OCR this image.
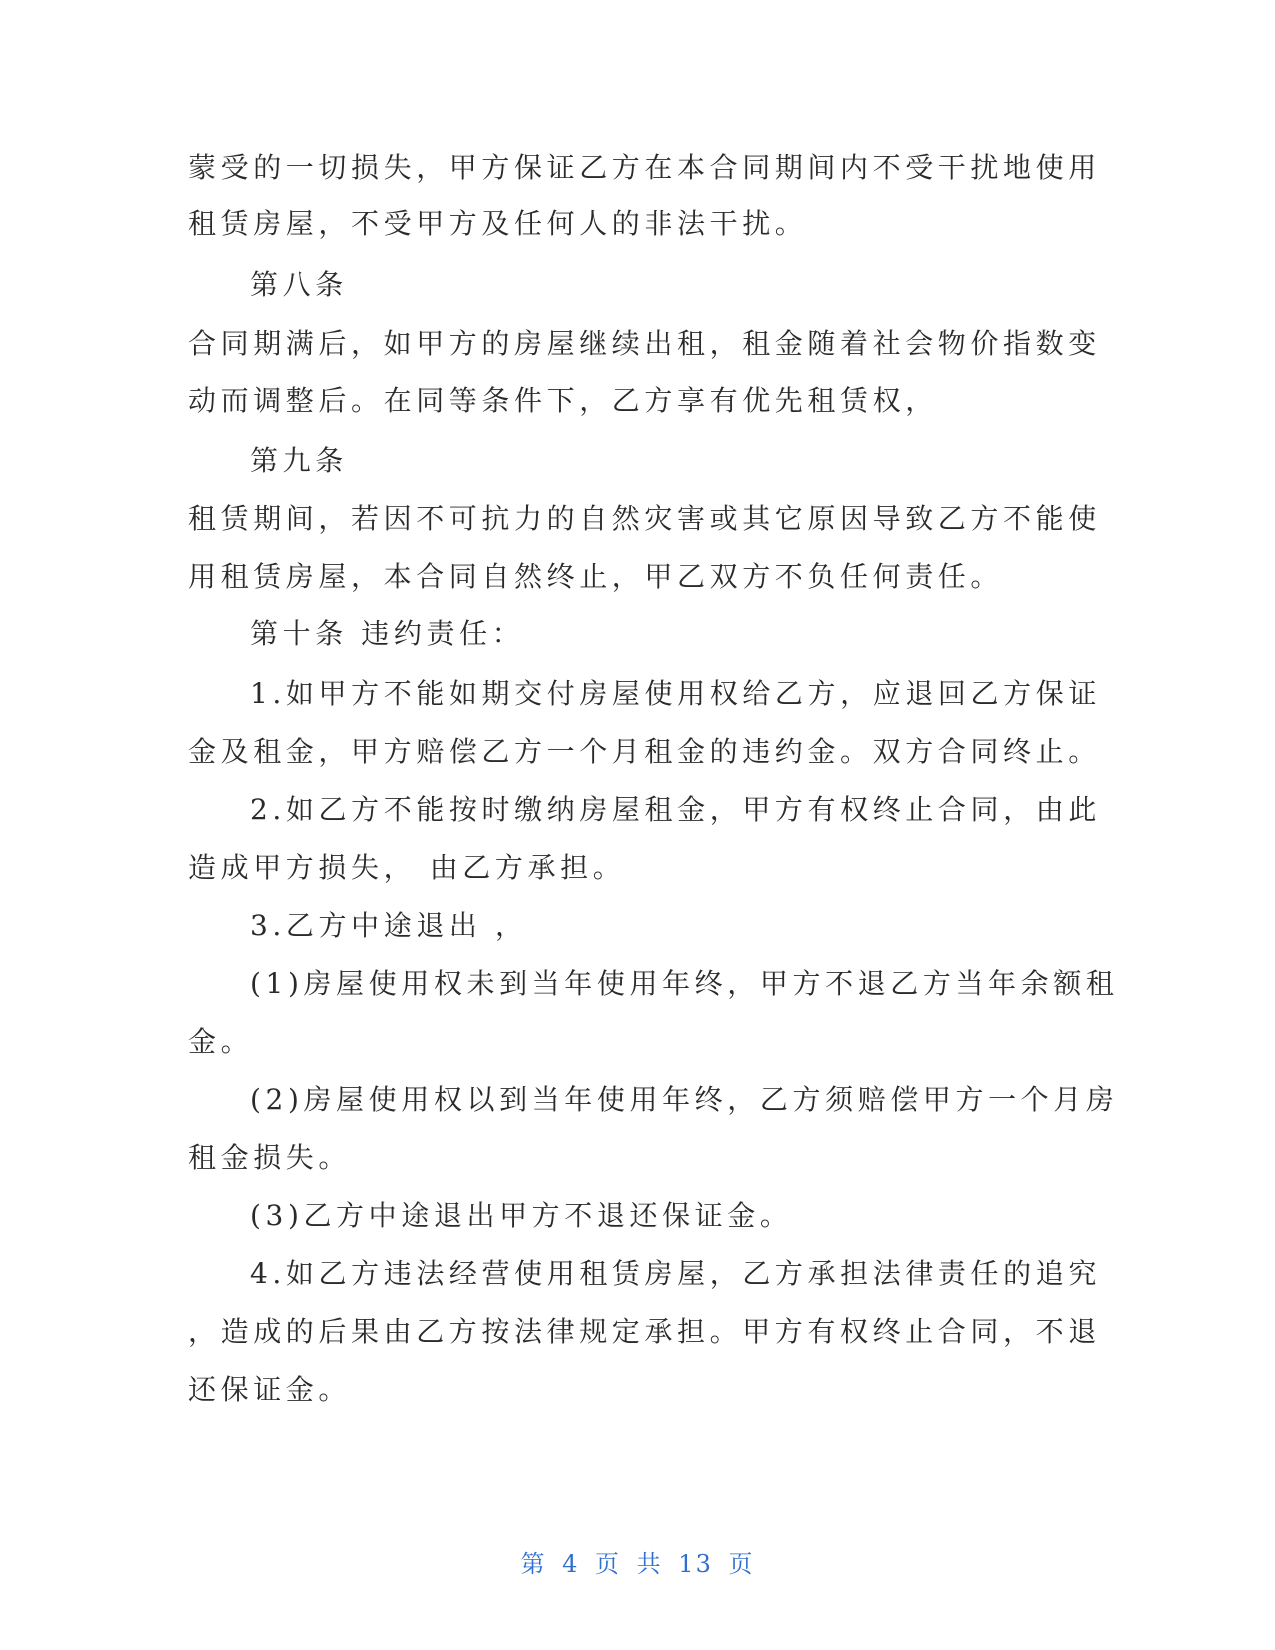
蒙受的一切损失，甲方保证乙方在本合同期间内不受干扰地使用
租赁房屋，不受甲方及任何人的非法干扰。
第八条
合同期满后，如甲方的房屋继续出租，租金随着社会物价指数变
动而调整后。在同等条件下，乙方享有优先租赁权，
第九条
租赁期间，若因不可抗力的自然灾害或其它原因导致乙方不能使
用租赁房屋，本合同自然终止，甲乙双方不负任何责任。
第十条 违约责任：
1.如甲方不能如期交付房屋使用权给乙方，应退回乙方保证
金及租金，甲方赔偿乙方一个月租金的违约金。双方合同终止。
2.如乙方不能按时缴纳房屋租金，甲方有权终止合同，由此
造成甲方损失， 由乙方承担。
3.乙方中途退出 ，
(1)房屋使用权未到当年使用年终，甲方不退乙方当年余额租
金。
(2)房屋使用权以到当年使用年终，乙方须赔偿甲方一个月房
租金损失。
(3)乙方中途退出甲方不退还保证金。
4.如乙方违法经营使用租赁房屋，乙方承担法律责任的追究
，造成的后果由乙方按法律规定承担。甲方有权终止合同，不退
还保证金。
第 4 页 共 13 页
